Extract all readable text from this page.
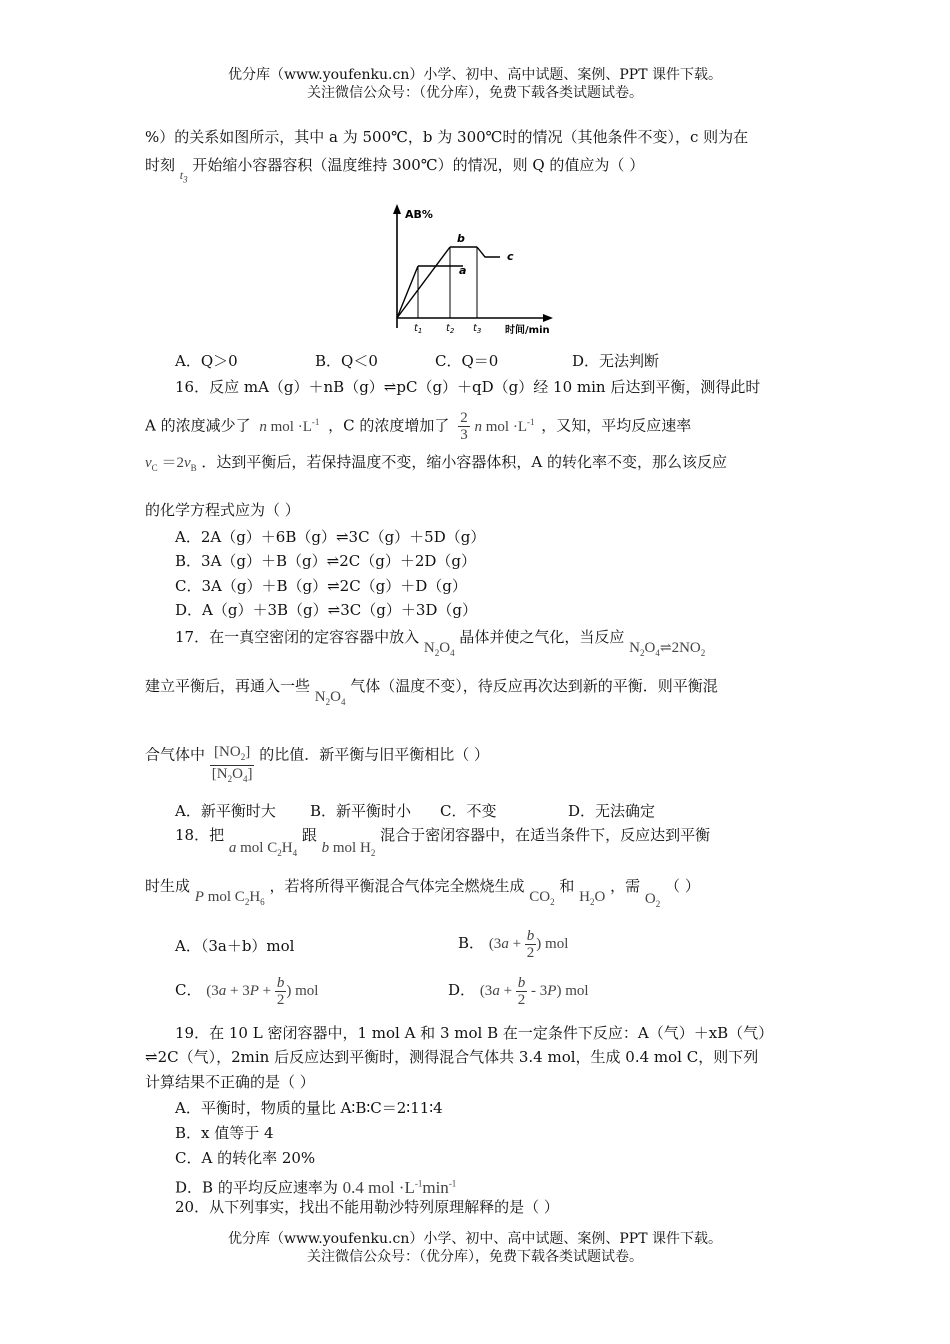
优分库（www.youfenku.cn）小学、初中、高中试题、案例、PPT 课件下载。
关注微信公众号：（优分库），免费下载各类试题试卷。
%）的关系如图所示，其中 a 为 500℃，b 为 300℃时的情况（其他条件不变），c 则为在
时刻 $_{t_3}$ 开始缩小容器容积（温度维持 300℃）的情况，则 Q 的值应为（ ）
AB%
a
b
c
$t_1$ $t_2$ $t_3$ 时间/min
A．Q＞0	B．Q＜0	C．Q＝0	D．无法判断
16．反应 mA（g）＋nB（g）⇌pC（g）＋qD（g）经 10 min 后达到平衡，测得此时
A 的浓度减少了 n mol $\cdot L^{-1}$ ，C 的浓度增加了 $\frac{2}{3}$ n mol $\cdot L^{-1}$ ，又知，平均反应速率
$v_C =2v_B$ ．达到平衡后，若保持温度不变，缩小容器体积，A 的转化率不变，那么该反应
的化学方程式应为（ ）
A．2A（g）＋6B（g）⇌3C（g）＋5D（g）
B．3A（g）＋B（g）⇌2C（g）＋2D（g）
C．3A（g）＋B（g）⇌2C（g）＋D（g）
D．A（g）＋3B（g）⇌3C（g）＋3D（g）
17．在一真空密闭的定容容器中放入 $N_2O_4$ 晶体并使之气化，当反应 $N_2O_4\rightleftharpoons 2NO_2$
建立平衡后，再通入一些 $N_2O_4$ 气体（温度不变），待反应再次达到新的平衡．则平衡混
合气体中 $\frac{[NO_2]}{[N_2O_4]}$ 的比值．新平衡与旧平衡相比（ ）
A．新平衡时大 B．新平衡时小 C．不变	D．无法确定
18．把 a mol $C_2H_4$ 跟 b mol $H_2$ 混合于密闭容器中，在适当条件下，反应达到平衡
时生成 P mol $C_2H_6$ ，若将所得平衡混合气体完全燃烧生成 $CO_2$ 和 $H_2O$ ，需 $O_2$ （ ）
A．（3a＋b）mol	B． ($3a + \frac{b}{2}$ ) mol
C． ($3a + 3P + \frac{b}{2}$ ) mol	D． $(3a + \frac{b}{2} - 3P)$ mol
19．在 10 L 密闭容器中，1 mol A 和 3 mol B 在一定条件下反应：A（气）＋xB（气）
⇌2C（气），2min 后反应达到平衡时，测得混合气体共 3.4 mol，生成 0.4 mol C，则下列
计算结果不正确的是（ ）
A．平衡时，物质的量比 A∶B∶C＝2∶11∶4
B．x 值等于 4
C．A 的转化率 20%
D．B 的平均反应速率为 0.4 mol $\cdot L^{-1}\min^{-1}$
20．从下列事实，找出不能用勒沙特列原理解释的是（ ）
优分库（www.youfenku.cn）小学、初中、高中试题、案例、PPT 课件下载。
关注微信公众号：（优分库），免费下载各类试题试卷。
